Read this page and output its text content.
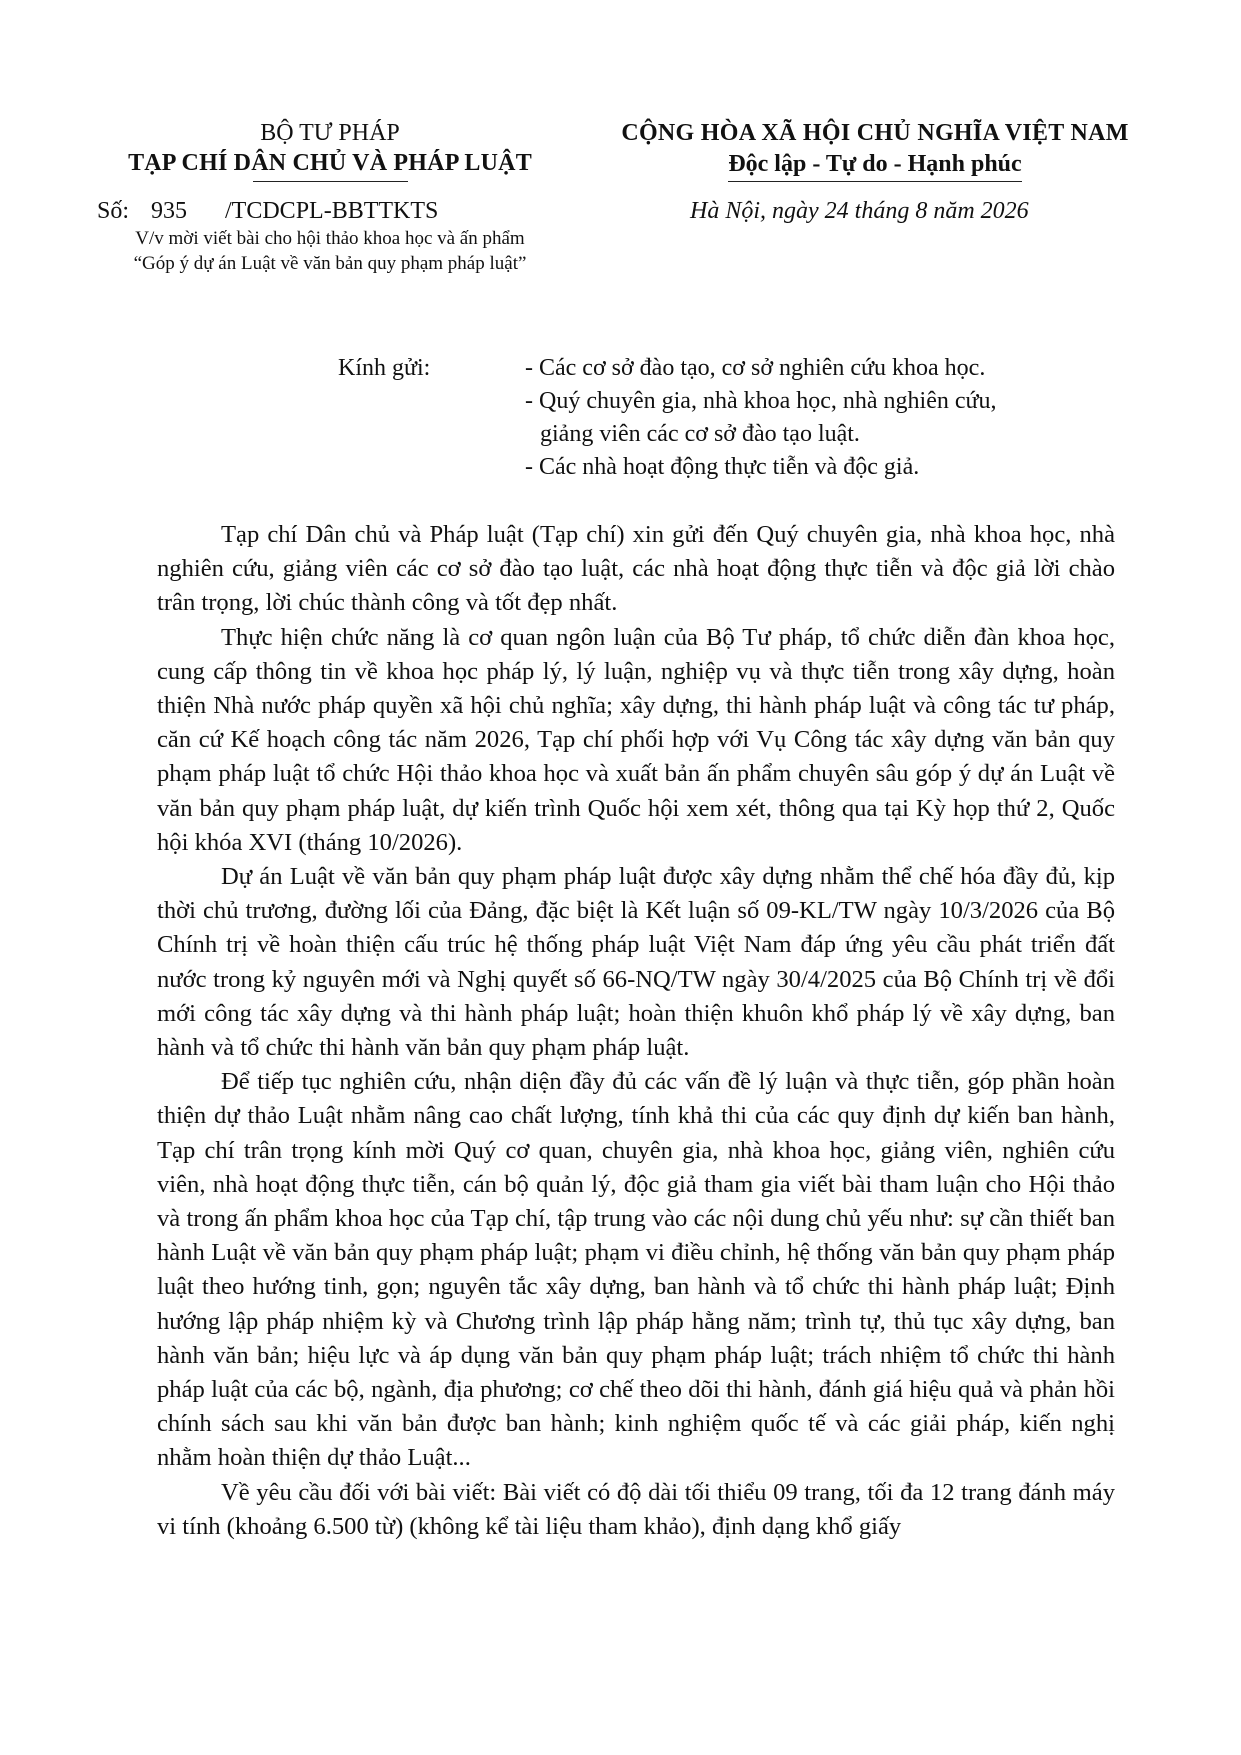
BỘ TƯ PHÁP
TẠP CHÍ DÂN CHỦ VÀ PHÁP LUẬT
Số: 935 /TCDCPL-BBTTKTS
V/v mời viết bài cho hội thảo khoa học và ấn phẩm
“Góp ý dự án Luật về văn bản quy phạm pháp luật”
CỘNG HÒA XÃ HỘI CHỦ NGHĨA VIỆT NAM
Độc lập - Tự do - Hạnh phúc
Hà Nội, ngày 24 tháng 8 năm 2026
Kính gửi:	- Các cơ sở đào tạo, cơ sở nghiên cứu khoa học.
- Quý chuyên gia, nhà khoa học, nhà nghiên cứu,
giảng viên các cơ sở đào tạo luật.
- Các nhà hoạt động thực tiễn và độc giả.

Tạp chí Dân chủ và Pháp luật (Tạp chí) xin gửi đến Quý chuyên gia, nhà khoa học, nhà nghiên cứu, giảng viên các cơ sở đào tạo luật, các nhà hoạt động thực tiễn và độc giả lời chào trân trọng, lời chúc thành công và tốt đẹp nhất.

Thực hiện chức năng là cơ quan ngôn luận của Bộ Tư pháp, tổ chức diễn đàn khoa học, cung cấp thông tin về khoa học pháp lý, lý luận, nghiệp vụ và thực tiễn trong xây dựng, hoàn thiện Nhà nước pháp quyền xã hội chủ nghĩa; xây dựng, thi hành pháp luật và công tác tư pháp, căn cứ Kế hoạch công tác năm 2026, Tạp chí phối hợp với Vụ Công tác xây dựng văn bản quy phạm pháp luật tổ chức Hội thảo khoa học và xuất bản ấn phẩm chuyên sâu góp ý dự án Luật về văn bản quy phạm pháp luật, dự kiến trình Quốc hội xem xét, thông qua tại Kỳ họp thứ 2, Quốc hội khóa XVI (tháng 10/2026).

Dự án Luật về văn bản quy phạm pháp luật được xây dựng nhằm thể chế hóa đầy đủ, kịp thời chủ trương, đường lối của Đảng, đặc biệt là Kết luận số 09-KL/TW ngày 10/3/2026 của Bộ Chính trị về hoàn thiện cấu trúc hệ thống pháp luật Việt Nam đáp ứng yêu cầu phát triển đất nước trong kỷ nguyên mới và Nghị quyết số 66-NQ/TW ngày 30/4/2025 của Bộ Chính trị về đổi mới công tác xây dựng và thi hành pháp luật; hoàn thiện khuôn khổ pháp lý về xây dựng, ban hành và tổ chức thi hành văn bản quy phạm pháp luật.

Để tiếp tục nghiên cứu, nhận diện đầy đủ các vấn đề lý luận và thực tiễn, góp phần hoàn thiện dự thảo Luật nhằm nâng cao chất lượng, tính khả thi của các quy định dự kiến ban hành, Tạp chí trân trọng kính mời Quý cơ quan, chuyên gia, nhà khoa học, giảng viên, nghiên cứu viên, nhà hoạt động thực tiễn, cán bộ quản lý, độc giả tham gia viết bài tham luận cho Hội thảo và trong ấn phẩm khoa học của Tạp chí, tập trung vào các nội dung chủ yếu như: sự cần thiết ban hành Luật về văn bản quy phạm pháp luật; phạm vi điều chỉnh, hệ thống văn bản quy phạm pháp luật theo hướng tinh, gọn; nguyên tắc xây dựng, ban hành và tổ chức thi hành pháp luật; Định hướng lập pháp nhiệm kỳ và Chương trình lập pháp hằng năm; trình tự, thủ tục xây dựng, ban hành văn bản; hiệu lực và áp dụng văn bản quy phạm pháp luật; trách nhiệm tổ chức thi hành pháp luật của các bộ, ngành, địa phương; cơ chế theo dõi thi hành, đánh giá hiệu quả và phản hồi chính sách sau khi văn bản được ban hành; kinh nghiệm quốc tế và các giải pháp, kiến nghị nhằm hoàn thiện dự thảo Luật...

Về yêu cầu đối với bài viết: Bài viết có độ dài tối thiểu 09 trang, tối đa 12 trang đánh máy vi tính (khoảng 6.500 từ) (không kể tài liệu tham khảo), định dạng khổ giấy
